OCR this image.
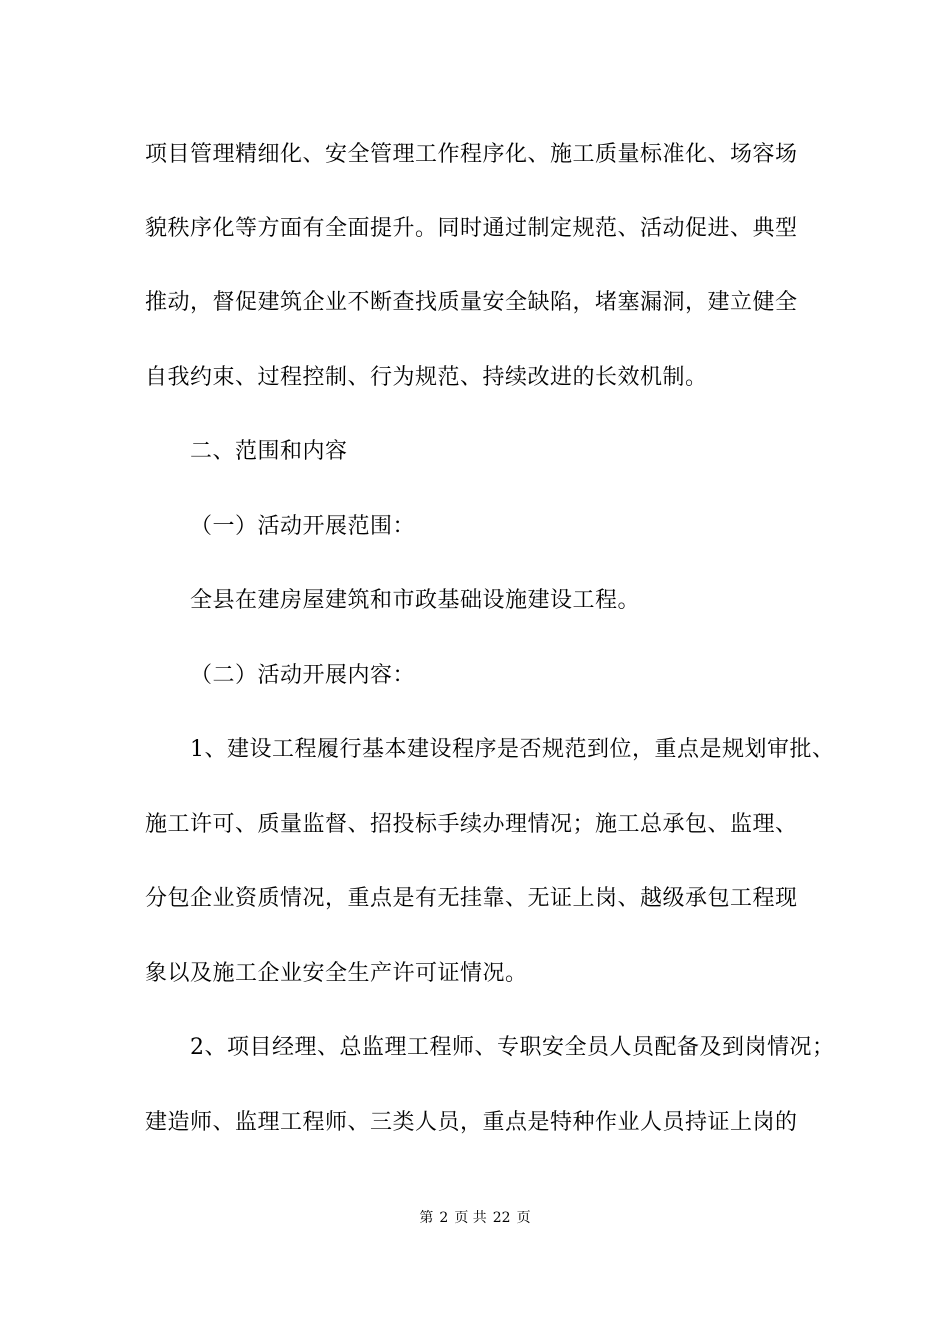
项目管理精细化、安全管理工作程序化、施工质量标准化、场容场
貌秩序化等方面有全面提升。同时通过制定规范、活动促进、典型
推动，督促建筑企业不断查找质量安全缺陷，堵塞漏洞，建立健全
自我约束、过程控制、行为规范、持续改进的长效机制。
二、范围和内容
（一）活动开展范围：
全县在建房屋建筑和市政基础设施建设工程。
（二）活动开展内容：
1、建设工程履行基本建设程序是否规范到位，重点是规划审批、
施工许可、质量监督、招投标手续办理情况；施工总承包、监理、
分包企业资质情况，重点是有无挂靠、无证上岗、越级承包工程现
象以及施工企业安全生产许可证情况。
2、项目经理、总监理工程师、专职安全员人员配备及到岗情况；
建造师、监理工程师、三类人员，重点是特种作业人员持证上岗的
第 2 页 共 22 页
